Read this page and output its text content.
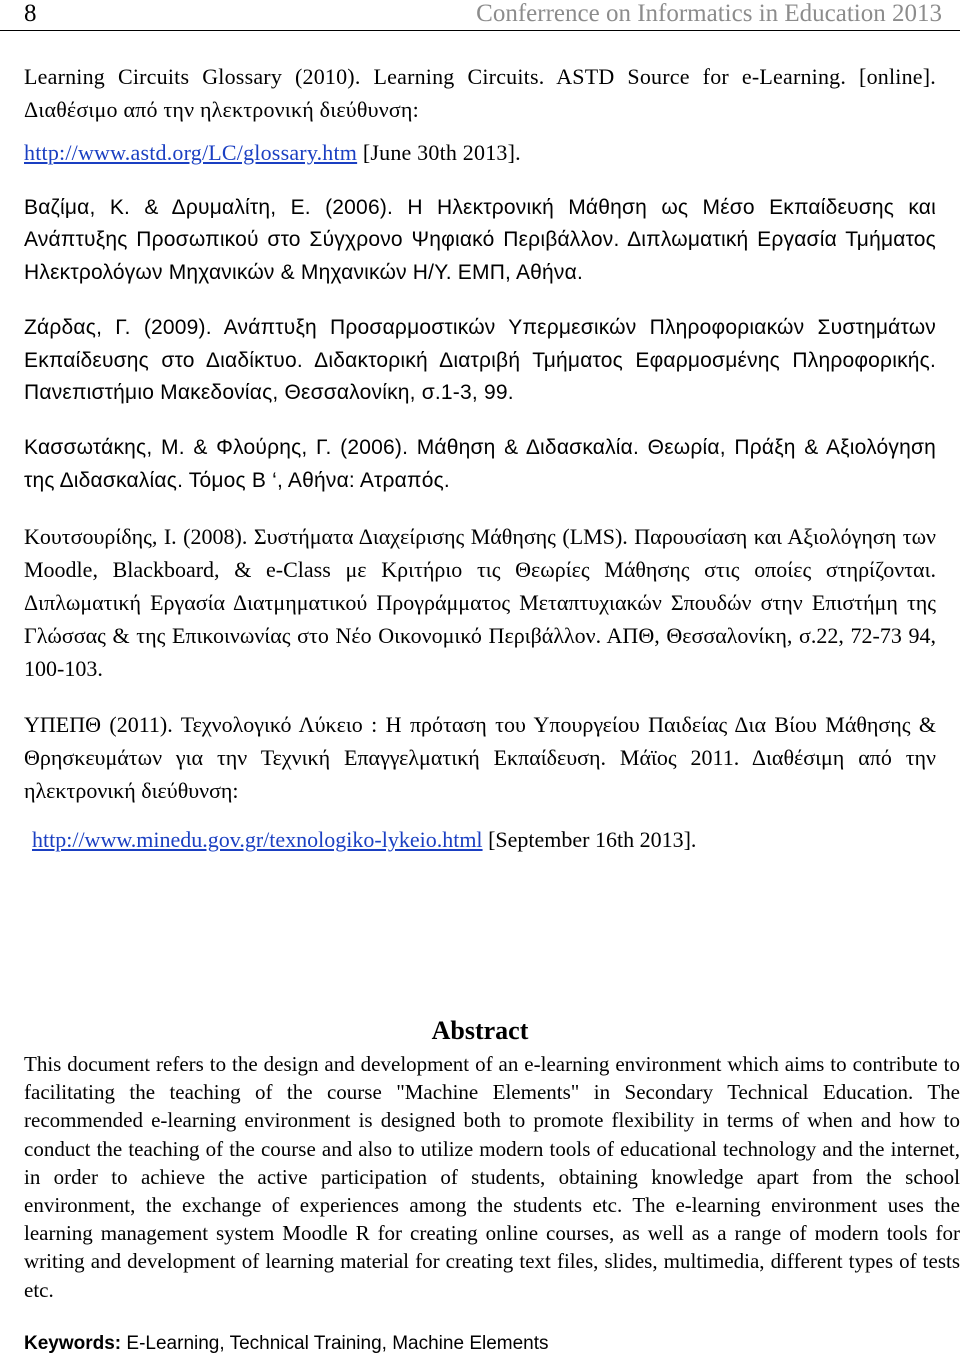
8	Conferrence on Informatics in Education 2013
Learning Circuits Glossary (2010). Learning Circuits. ASTD Source for e-Learning. [online]. Διαθέσιμο από την ηλεκτρονική διεύθυνση:
http://www.astd.org/LC/glossary.htm [June 30th 2013].
Βαζίμα, Κ. & Δρυμαλίτη, Ε. (2006). Η Ηλεκτρονική Μάθηση ως Μέσο Εκπαίδευσης και Ανάπτυξης Προσωπικού στο Σύγχρονο Ψηφιακό Περιβάλλον. Διπλωματική Εργασία Τμήματος Ηλεκτρολόγων Μηχανικών & Μηχανικών Η/Υ. ΕΜΠ, Αθήνα.
Ζάρδας, Γ. (2009). Ανάπτυξη Προσαρμοστικών Υπερμεσικών Πληροφοριακών Συστημάτων Εκπαίδευσης στο Διαδίκτυο. Διδακτορική Διατριβή Τμήματος Εφαρμοσμένης Πληροφορικής. Πανεπιστήμιο Μακεδονίας, Θεσσαλονίκη, σ.1-3, 99.
Κασσωτάκης, Μ. & Φλούρης, Γ. (2006). Μάθηση & Διδασκαλία. Θεωρία, Πράξη & Αξιολόγηση της Διδασκαλίας. Τόμος Β ‘, Αθήνα: Ατραπός.
Κουτσουρίδης, Ι. (2008). Συστήματα Διαχείρισης Μάθησης (LMS). Παρουσίαση και Αξιολόγηση των Moodle, Blackboard, & e-Class με Κριτήριο τις Θεωρίες Μάθησης στις οποίες στηρίζονται. Διπλωματική Εργασία Διατμηματικού Προγράμματος Μεταπτυχιακών Σπουδών στην Επιστήμη της Γλώσσας & της Επικοινωνίας στο Νέο Οικονομικό Περιβάλλον. ΑΠΘ, Θεσσαλονίκη, σ.22, 72-73 94, 100-103.
ΥΠΕΠΘ (2011). Τεχνολογικό Λύκειο : Η πρόταση του Υπουργείου Παιδείας Δια Βίου Μάθησης & Θρησκευμάτων για την Τεχνική Επαγγελματική Εκπαίδευση. Μάϊος 2011. Διαθέσιμη από την ηλεκτρονική διεύθυνση:
http://www.minedu.gov.gr/texnologiko-lykeio.html [September 16th 2013].
Abstract
This document refers to the design and development of an e-learning environment which aims to contribute to facilitating the teaching of the course "Machine Elements" in Secondary Technical Education. The recommended e-learning environment is designed both to promote flexibility in terms of when and how to conduct the teaching of the course and also to utilize modern tools of educational technology and the internet, in order to achieve the active participation of students, obtaining knowledge apart from the school environment, the exchange of experiences among the students etc. The e-learning environment uses the learning management system Moodle R for creating online courses, as well as a range of modern tools for writing and development of learning material for creating text files, slides, multimedia, different types of tests etc.
Keywords: E-Learning, Technical Training, Machine Elements
